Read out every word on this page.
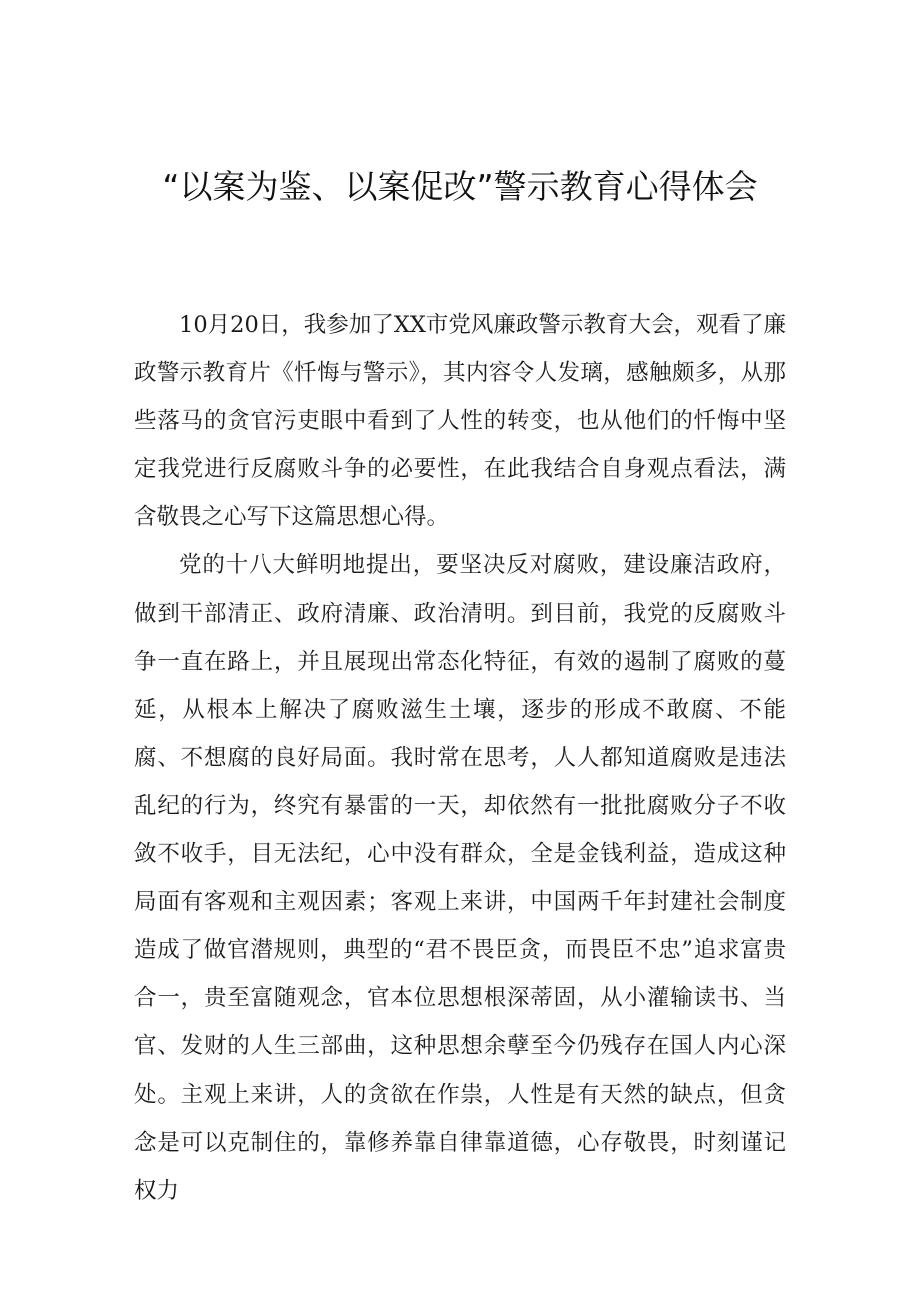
“以案为鉴、以案促改”警示教育心得体会

10月20日，我参加了XX市党风廉政警示教育大会，观看了廉政警示教育片《忏悔与警示》，其内容令人发璃，感触颇多，从那些落马的贪官污吏眼中看到了人性的转变，也从他们的忏悔中坚定我党进行反腐败斗争的必要性，在此我结合自身观点看法，满含敬畏之心写下这篇思想心得。

党的十八大鲜明地提出，要坚决反对腐败，建设廉洁政府，做到干部清正、政府清廉、政治清明。到目前，我党的反腐败斗争一直在路上，并且展现出常态化特征，有效的遏制了腐败的蔓延，从根本上解决了腐败滋生土壤，逐步的形成不敢腐、不能腐、不想腐的良好局面。我时常在思考，人人都知道腐败是违法乱纪的行为，终究有暴雷的一天，却依然有一批批腐败分子不收敛不收手，目无法纪，心中没有群众，全是金钱利益，造成这种局面有客观和主观因素；客观上来讲，中国两千年封建社会制度造成了做官潜规则，典型的“君不畏臣贪，而畏臣不忠”追求富贵合一，贵至富随观念，官本位思想根深蒂固，从小灌输读书、当官、发财的人生三部曲，这种思想余孽至今仍残存在国人内心深处。主观上来讲，人的贪欲在作祟，人性是有天然的缺点，但贪念是可以克制住的，靠修养靠自律靠道德，心存敬畏，时刻谨记权力
